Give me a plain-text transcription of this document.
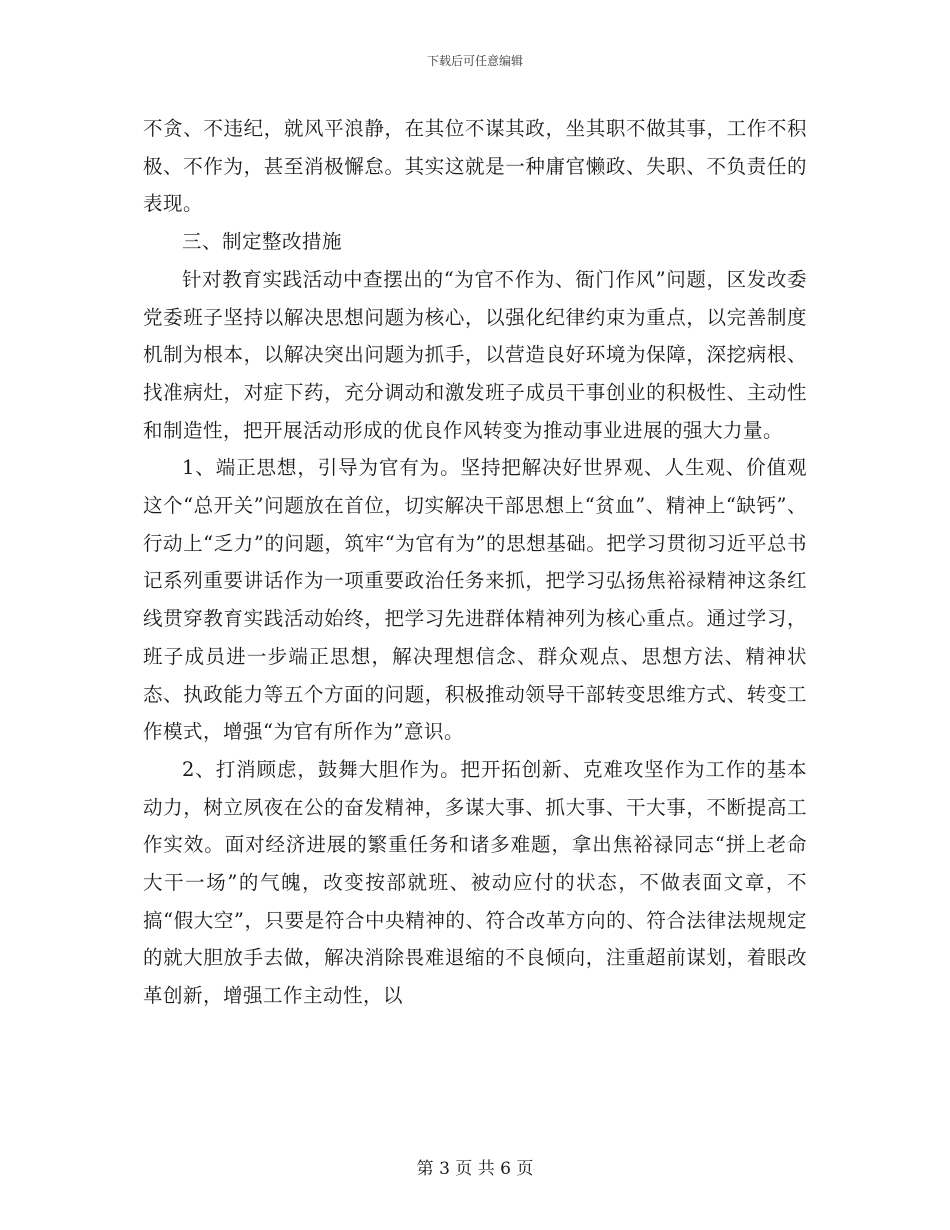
下载后可任意编辑

不贪、不违纪，就风平浪静，在其位不谋其政，坐其职不做其事，工作不积极、不作为，甚至消极懈怠。其实这就是一种庸官懒政、失职、不负责任的表现。

三、制定整改措施

针对教育实践活动中查摆出的“为官不作为、衙门作风”问题，区发改委党委班子坚持以解决思想问题为核心，以强化纪律约束为重点，以完善制度机制为根本，以解决突出问题为抓手，以营造良好环境为保障，深挖病根、找准病灶，对症下药，充分调动和激发班子成员干事创业的积极性、主动性和制造性，把开展活动形成的优良作风转变为推动事业进展的强大力量。

1、端正思想，引导为官有为。坚持把解决好世界观、人生观、价值观这个“总开关”问题放在首位，切实解决干部思想上“贫血”、精神上“缺钙”、行动上“乏力”的问题，筑牢“为官有为”的思想基础。把学习贯彻习近平总书记系列重要讲话作为一项重要政治任务来抓，把学习弘扬焦裕禄精神这条红线贯穿教育实践活动始终，把学习先进群体精神列为核心重点。通过学习，班子成员进一步端正思想，解决理想信念、群众观点、思想方法、精神状态、执政能力等五个方面的问题，积极推动领导干部转变思维方式、转变工作模式，增强“为官有所作为”意识。

2、打消顾虑，鼓舞大胆作为。把开拓创新、克难攻坚作为工作的基本动力，树立夙夜在公的奋发精神，多谋大事、抓大事、干大事，不断提高工作实效。面对经济进展的繁重任务和诸多难题，拿出焦裕禄同志“拼上老命大干一场”的气魄，改变按部就班、被动应付的状态，不做表面文章，不搞“假大空”，只要是符合中央精神的、符合改革方向的、符合法律法规规定的就大胆放手去做，解决消除畏难退缩的不良倾向，注重超前谋划，着眼改革创新，增强工作主动性，以

第 3 页 共 6 页
